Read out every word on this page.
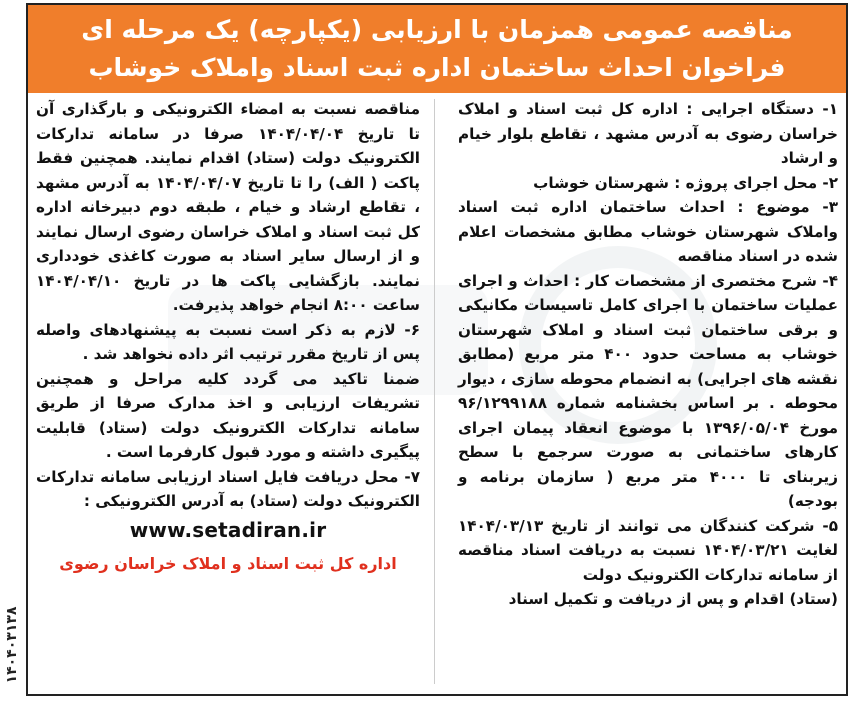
مناقصه عمومی همزمان با ارزیابی (یکپارچه) یک مرحله ای
فراخوان احداث ساختمان اداره ثبت اسناد واملاک خوشاب

۱- دستگاه اجرایی : اداره کل ثبت اسناد و املاک خراسان رضوی به آدرس مشهد ، تقاطع بلوار خیام و ارشاد

۲- محل اجرای پروژه : شهرستان خوشاب

۳- موضوع : احداث ساختمان اداره ثبت اسناد واملاک شهرستان خوشاب مطابق مشخصات اعلام شده در اسناد مناقصه

۴- شرح مختصری از مشخصات کار : احداث و اجرای عملیات ساختمان با اجرای کامل تاسیسات مکانیکی و برقی ساختمان ثبت اسناد و املاک شهرستان خوشاب به مساحت حدود ۴۰۰ متر مربع (مطابق نقشه های اجرایی) به انضمام محوطه سازی ، دیوار محوطه . بر اساس بخشنامه شماره ۹۶/۱۲۹۹۱۸۸ مورخ ۱۳۹۶/۰۵/۰۴ با موضوع انعقاد پیمان اجرای کارهای ساختمانی به صورت سرجمع با سطح زیربنای تا ۴۰۰۰ متر مربع ( سازمان برنامه و بودجه)

۵- شرکت کنندگان می توانند از تاریخ ۱۴۰۴/۰۳/۱۳ لغایت ۱۴۰۴/۰۳/۲۱ نسبت به دریافت اسناد مناقصه از سامانه تدارکات الکترونیک دولت

(ستاد) اقدام و پس از دریافت و تکمیل اسناد

مناقصه نسبت به امضاء الکترونیکی و بارگذاری آن تا تاریخ ۱۴۰۴/۰۴/۰۴ صرفا در سامانه تدارکات الکترونیک دولت (ستاد) اقدام نمایند. همچنین فقط پاکت ( الف) را تا تاریخ ۱۴۰۴/۰۴/۰۷ به آدرس مشهد ، تقاطع ارشاد و خیام ، طبقه دوم دبیرخانه اداره کل ثبت اسناد و املاک خراسان رضوی ارسال نمایند و از ارسال سایر اسناد به صورت کاغذی خودداری نمایند. بازگشایی پاکت ها در تاریخ ۱۴۰۴/۰۴/۱۰ ساعت ۸:۰۰ انجام خواهد پذیرفت.

۶- لازم به ذکر است نسبت به پیشنهادهای واصله پس از تاریخ مقرر ترتیب اثر داده نخواهد شد .

ضمنا تاکید می گردد کلیه مراحل و همچنین تشریفات ارزیابی و اخذ مدارک صرفا از طریق سامانه تدارکات الکترونیک دولت (ستاد) قابلیت پیگیری داشته و مورد قبول کارفرما است .

۷- محل دریافت فایل اسناد ارزیابی سامانه تدارکات الکترونیک دولت (ستاد) به آدرس الکترونیکی :

www.setadiran.ir
اداره کل ثبت اسناد و املاک خراسان رضوی
۱۴۰۴۰۳۱۳۸
